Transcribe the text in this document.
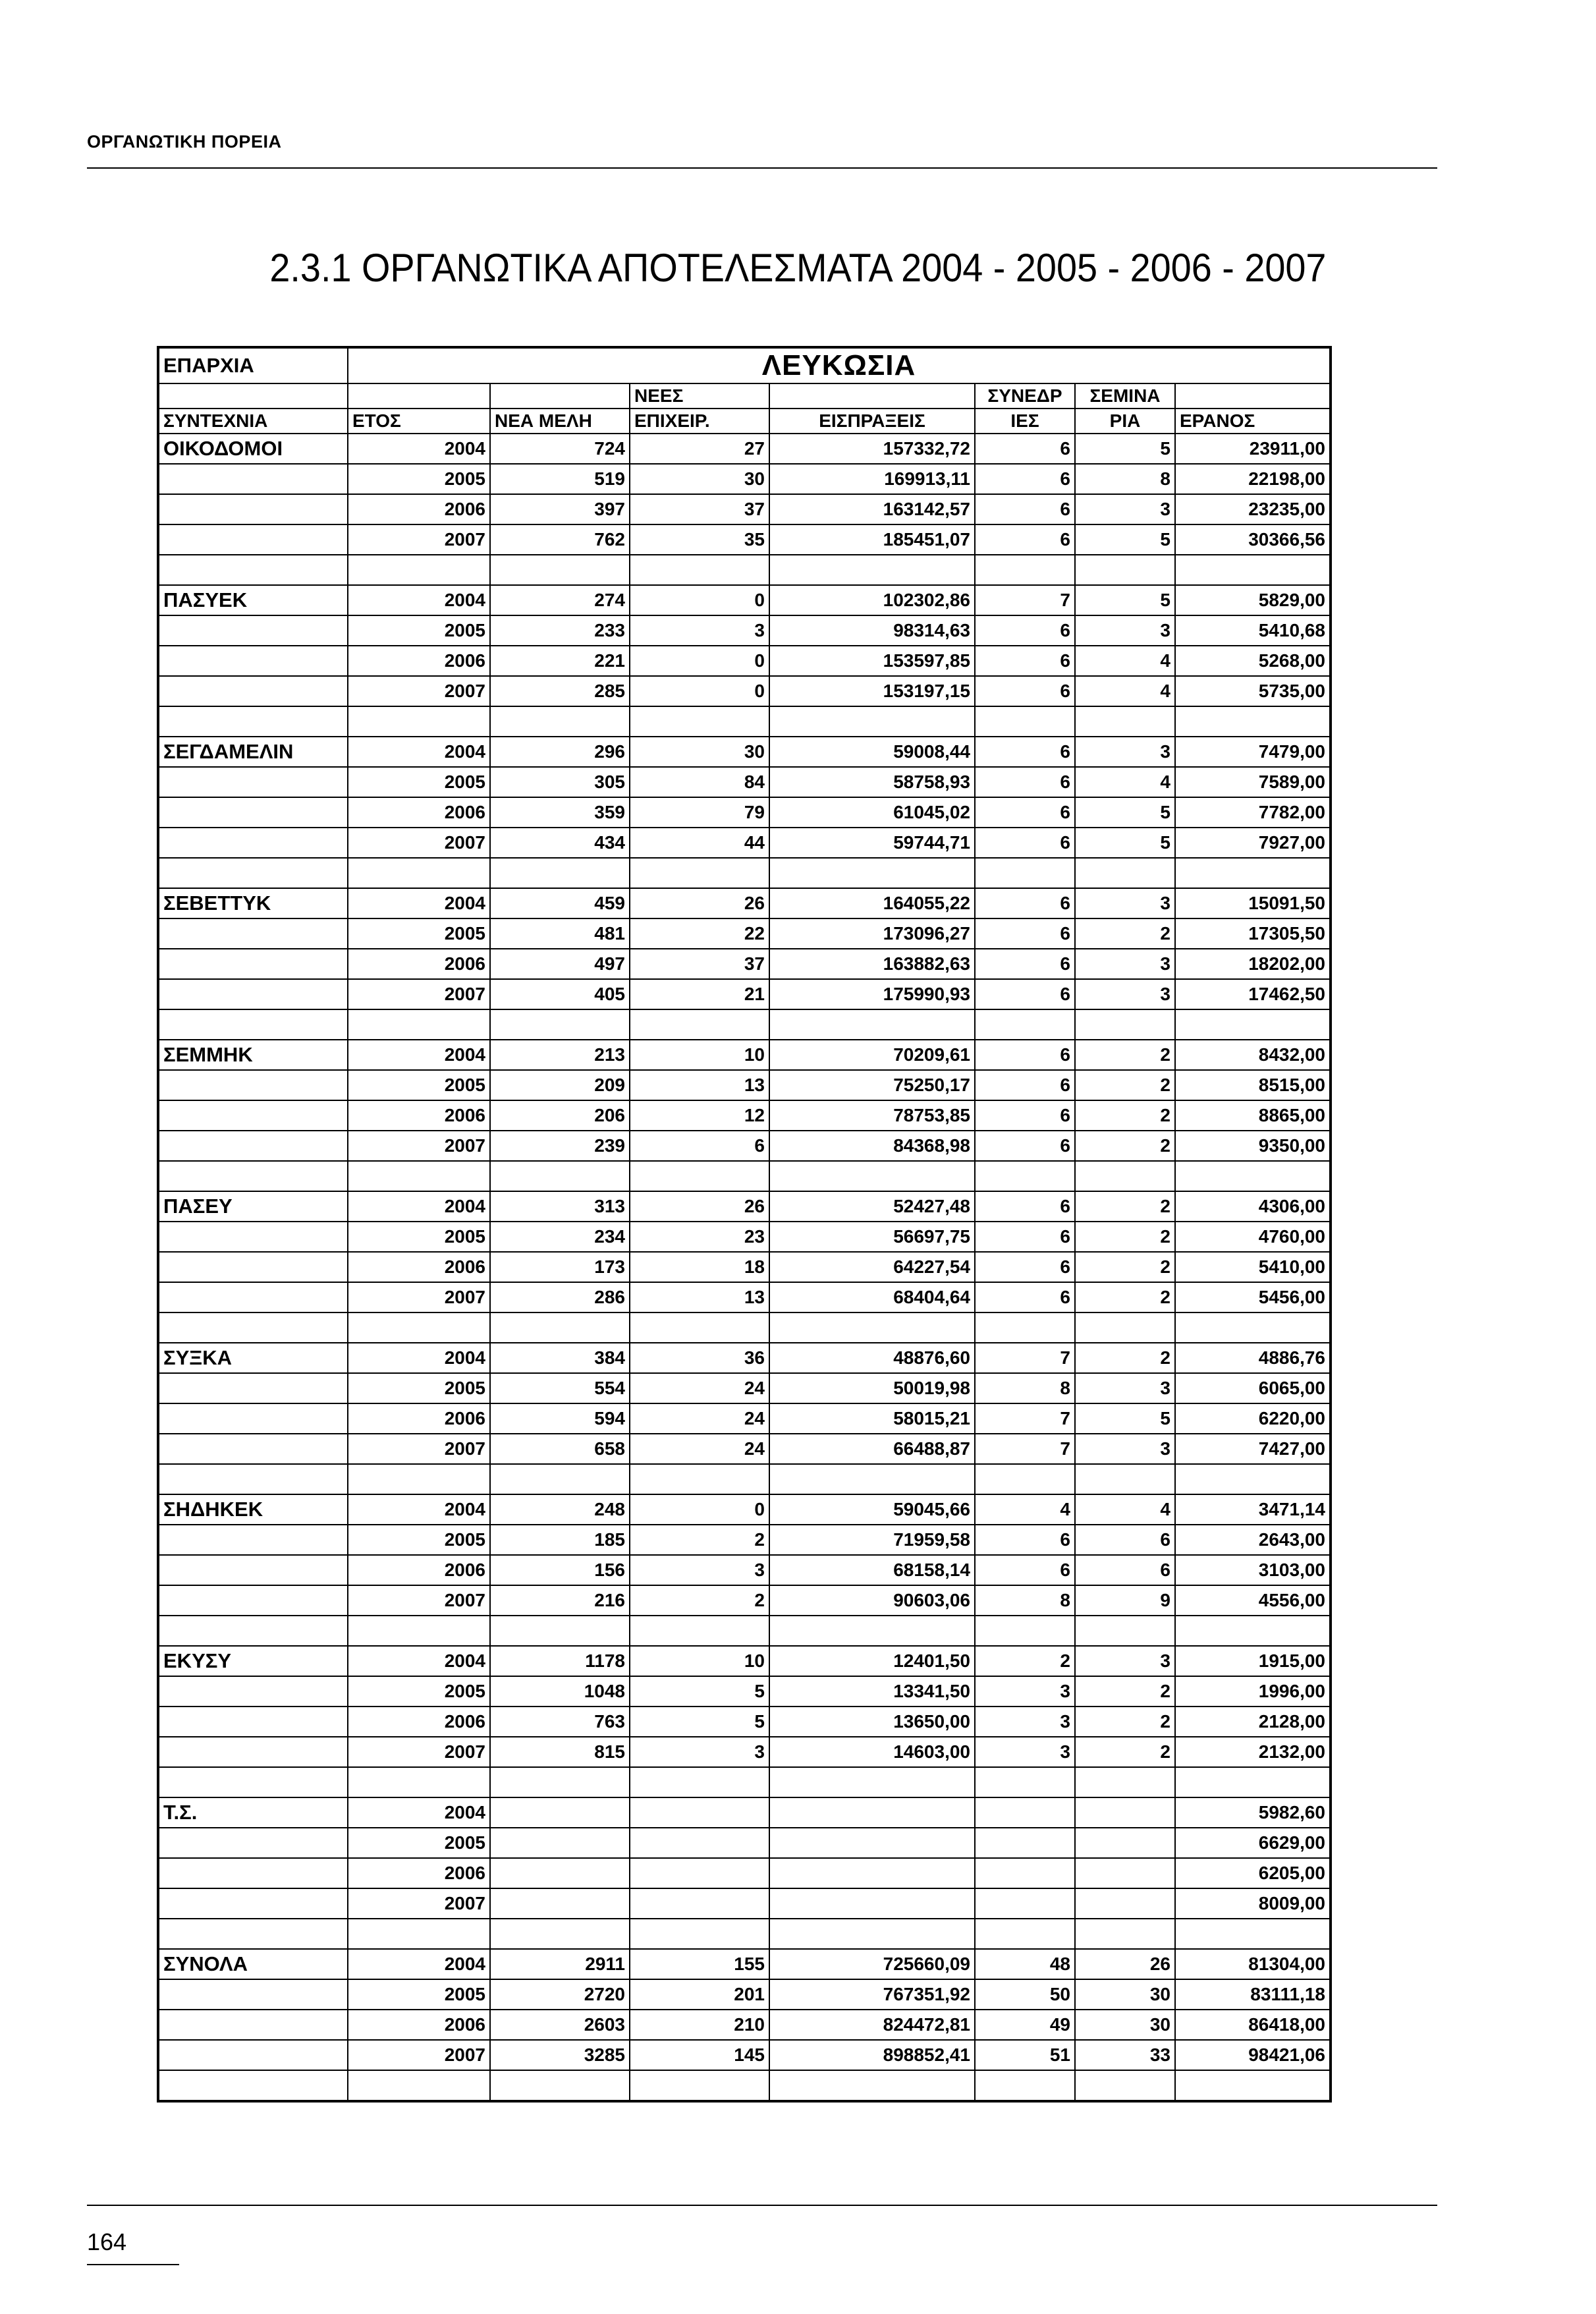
ΟΡΓΑΝΩΤΙΚΗ ΠΟΡΕΙΑ
2.3.1 ΟΡΓΑΝΩΤΙΚΑ ΑΠΟΤΕΛΕΣΜΑΤΑ 2004 - 2005 - 2006 - 2007
ΕΠΑΡΧΙΑ	ΛΕΥΚΩΣΙΑ						
			ΝΕΕΣ		ΣΥΝΕΔΡ	ΣΕΜΙΝΑ	
ΣΥΝΤΕΧΝΙΑ	ΕΤΟΣ	ΝΕΑ ΜΕΛΗ	ΕΠΙΧΕΙΡ.	ΕΙΣΠΡΑΞΕΙΣ	ΙΕΣ	ΡΙΑ	ΕΡΑΝΟΣ
ΟΙΚΟΔΟΜΟΙ	2004	724	27	157332,72	6	5	23911,00
	2005	519	30	169913,11	6	8	22198,00
	2006	397	37	163142,57	6	3	23235,00
	2007	762	35	185451,07	6	5	30366,56

ΠΑΣΥΕΚ	2004	274	0	102302,86	7	5	5829,00
	2005	233	3	98314,63	6	3	5410,68
	2006	221	0	153597,85	6	4	5268,00
	2007	285	0	153197,15	6	4	5735,00

ΣΕΓΔΑΜΕΛΙΝ	2004	296	30	59008,44	6	3	7479,00
	2005	305	84	58758,93	6	4	7589,00
	2006	359	79	61045,02	6	5	7782,00
	2007	434	44	59744,71	6	5	7927,00

ΣΕΒΕΤΤΥΚ	2004	459	26	164055,22	6	3	15091,50
	2005	481	22	173096,27	6	2	17305,50
	2006	497	37	163882,63	6	3	18202,00
	2007	405	21	175990,93	6	3	17462,50

ΣΕΜΜΗΚ	2004	213	10	70209,61	6	2	8432,00
	2005	209	13	75250,17	6	2	8515,00
	2006	206	12	78753,85	6	2	8865,00
	2007	239	6	84368,98	6	2	9350,00

ΠΑΣΕΥ	2004	313	26	52427,48	6	2	4306,00
	2005	234	23	56697,75	6	2	4760,00
	2006	173	18	64227,54	6	2	5410,00
	2007	286	13	68404,64	6	2	5456,00

ΣΥΞΚΑ	2004	384	36	48876,60	7	2	4886,76
	2005	554	24	50019,98	8	3	6065,00
	2006	594	24	58015,21	7	5	6220,00
	2007	658	24	66488,87	7	3	7427,00

ΣΗΔΗΚΕΚ	2004	248	0	59045,66	4	4	3471,14
	2005	185	2	71959,58	6	6	2643,00
	2006	156	3	68158,14	6	6	3103,00
	2007	216	2	90603,06	8	9	4556,00

ΕΚΥΣΥ	2004	1178	10	12401,50	2	3	1915,00
	2005	1048	5	13341,50	3	2	1996,00
	2006	763	5	13650,00	3	2	2128,00
	2007	815	3	14603,00	3	2	2132,00

Τ.Σ.	2004						5982,60
	2005						6629,00
	2006						6205,00
	2007						8009,00

ΣΥΝΟΛΑ	2004	2911	155	725660,09	48	26	81304,00
	2005	2720	201	767351,92	50	30	83111,18
	2006	2603	210	824472,81	49	30	86418,00
	2007	3285	145	898852,41	51	33	98421,06

164
